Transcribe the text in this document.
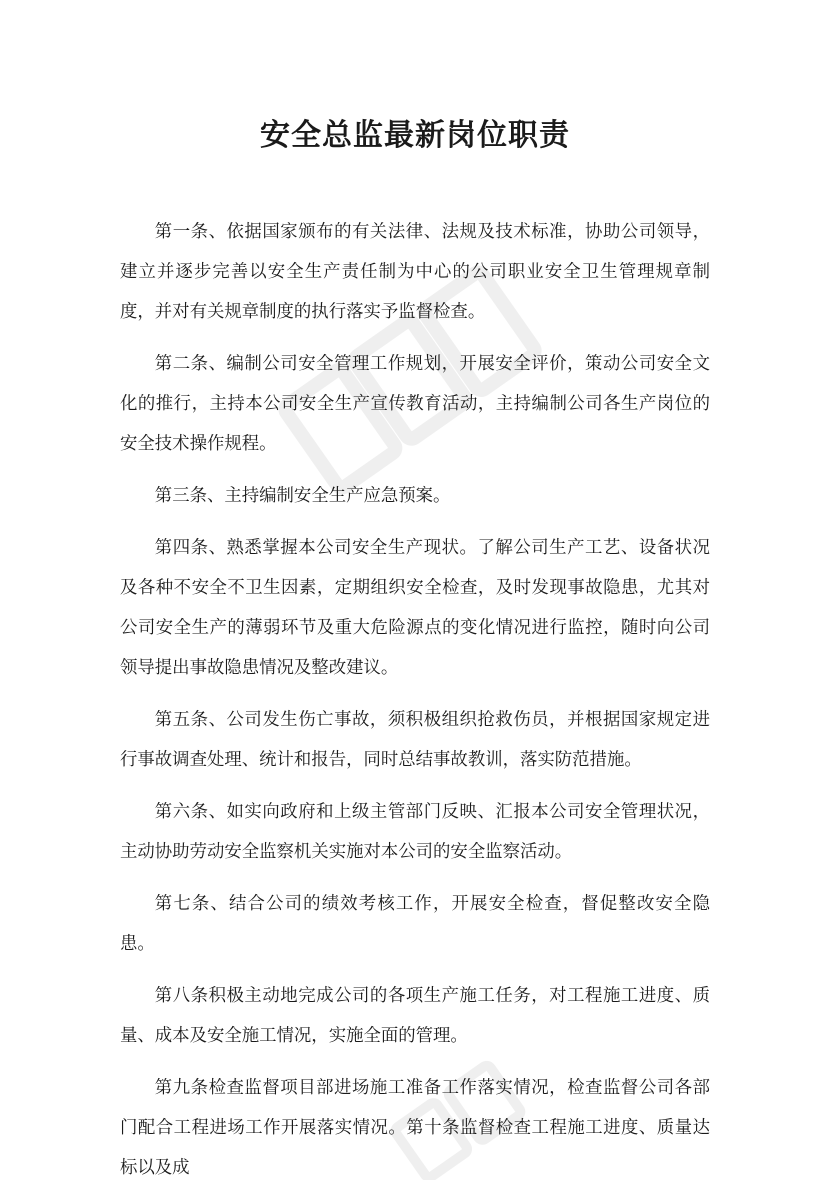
安全总监最新岗位职责

第一条、依据国家颁布的有关法律、法规及技术标准，协助公司领导，建立并逐步完善以安全生产责任制为中心的公司职业安全卫生管理规章制度，并对有关规章制度的执行落实予监督检查。

第二条、编制公司安全管理工作规划，开展安全评价，策动公司安全文化的推行，主持本公司安全生产宣传教育活动，主持编制公司各生产岗位的安全技术操作规程。

第三条、主持编制安全生产应急预案。

第四条、熟悉掌握本公司安全生产现状。了解公司生产工艺、设备状况及各种不安全不卫生因素，定期组织安全检查，及时发现事故隐患，尤其对公司安全生产的薄弱环节及重大危险源点的变化情况进行监控，随时向公司领导提出事故隐患情况及整改建议。

第五条、公司发生伤亡事故，须积极组织抢救伤员，并根据国家规定进行事故调查处理、统计和报告，同时总结事故教训，落实防范措施。

第六条、如实向政府和上级主管部门反映、汇报本公司安全管理状况，主动协助劳动安全监察机关实施对本公司的安全监察活动。

第七条、结合公司的绩效考核工作，开展安全检查，督促整改安全隐患。

第八条积极主动地完成公司的各项生产施工任务，对工程施工进度、质量、成本及安全施工情况，实施全面的管理。

第九条检查监督项目部进场施工准备工作落实情况，检查监督公司各部门配合工程进场工作开展落实情况。第十条监督检查工程施工进度、质量达标以及成
